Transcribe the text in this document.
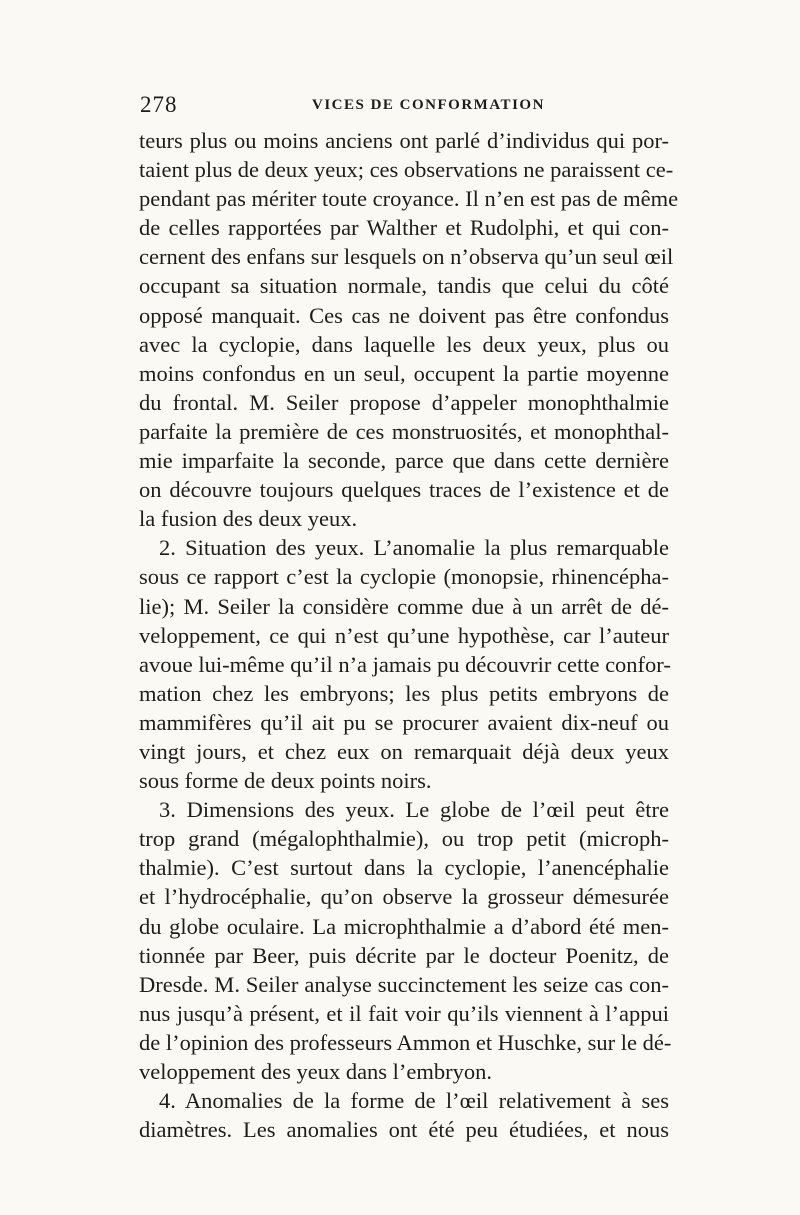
278	VICES DE CONFORMATION
teurs plus ou moins anciens ont parlé d’individus qui por-
taient plus de deux yeux; ces observations ne paraissent ce-
pendant pas mériter toute croyance. Il n’en est pas de même
de celles rapportées par Walther et Rudolphi, et qui con-
cernent des enfans sur lesquels on n’observa qu’un seul œil
occupant sa situation normale, tandis que celui du côté
opposé manquait. Ces cas ne doivent pas être confondus
avec la cyclopie, dans laquelle les deux yeux, plus ou
moins confondus en un seul, occupent la partie moyenne
du frontal. M. Seiler propose d’appeler monophthalmie
parfaite la première de ces monstruosités, et monophthal-
mie imparfaite la seconde, parce que dans cette dernière
on découvre toujours quelques traces de l’existence et de
la fusion des deux yeux.
2. Situation des yeux. L’anomalie la plus remarquable
sous ce rapport c’est la cyclopie (monopsie, rhinencépha-
lie); M. Seiler la considère comme due à un arrêt de dé-
veloppement, ce qui n’est qu’une hypothèse, car l’auteur
avoue lui-même qu’il n’a jamais pu découvrir cette confor-
mation chez les embryons; les plus petits embryons de
mammifères qu’il ait pu se procurer avaient dix-neuf ou
vingt jours, et chez eux on remarquait déjà deux yeux
sous forme de deux points noirs.
3. Dimensions des yeux. Le globe de l’œil peut être
trop grand (mégalophthalmie), ou trop petit (microph-
thalmie). C’est surtout dans la cyclopie, l’anencéphalie
et l’hydrocéphalie, qu’on observe la grosseur démesurée
du globe oculaire. La microphthalmie a d’abord été men-
tionnée par Beer, puis décrite par le docteur Poenitz, de
Dresde. M. Seiler analyse succinctement les seize cas con-
nus jusqu’à présent, et il fait voir qu’ils viennent à l’appui
de l’opinion des professeurs Ammon et Huschke, sur le dé-
veloppement des yeux dans l’embryon.
4. Anomalies de la forme de l’œil relativement à ses
diamètres. Les anomalies ont été peu étudiées, et nous
